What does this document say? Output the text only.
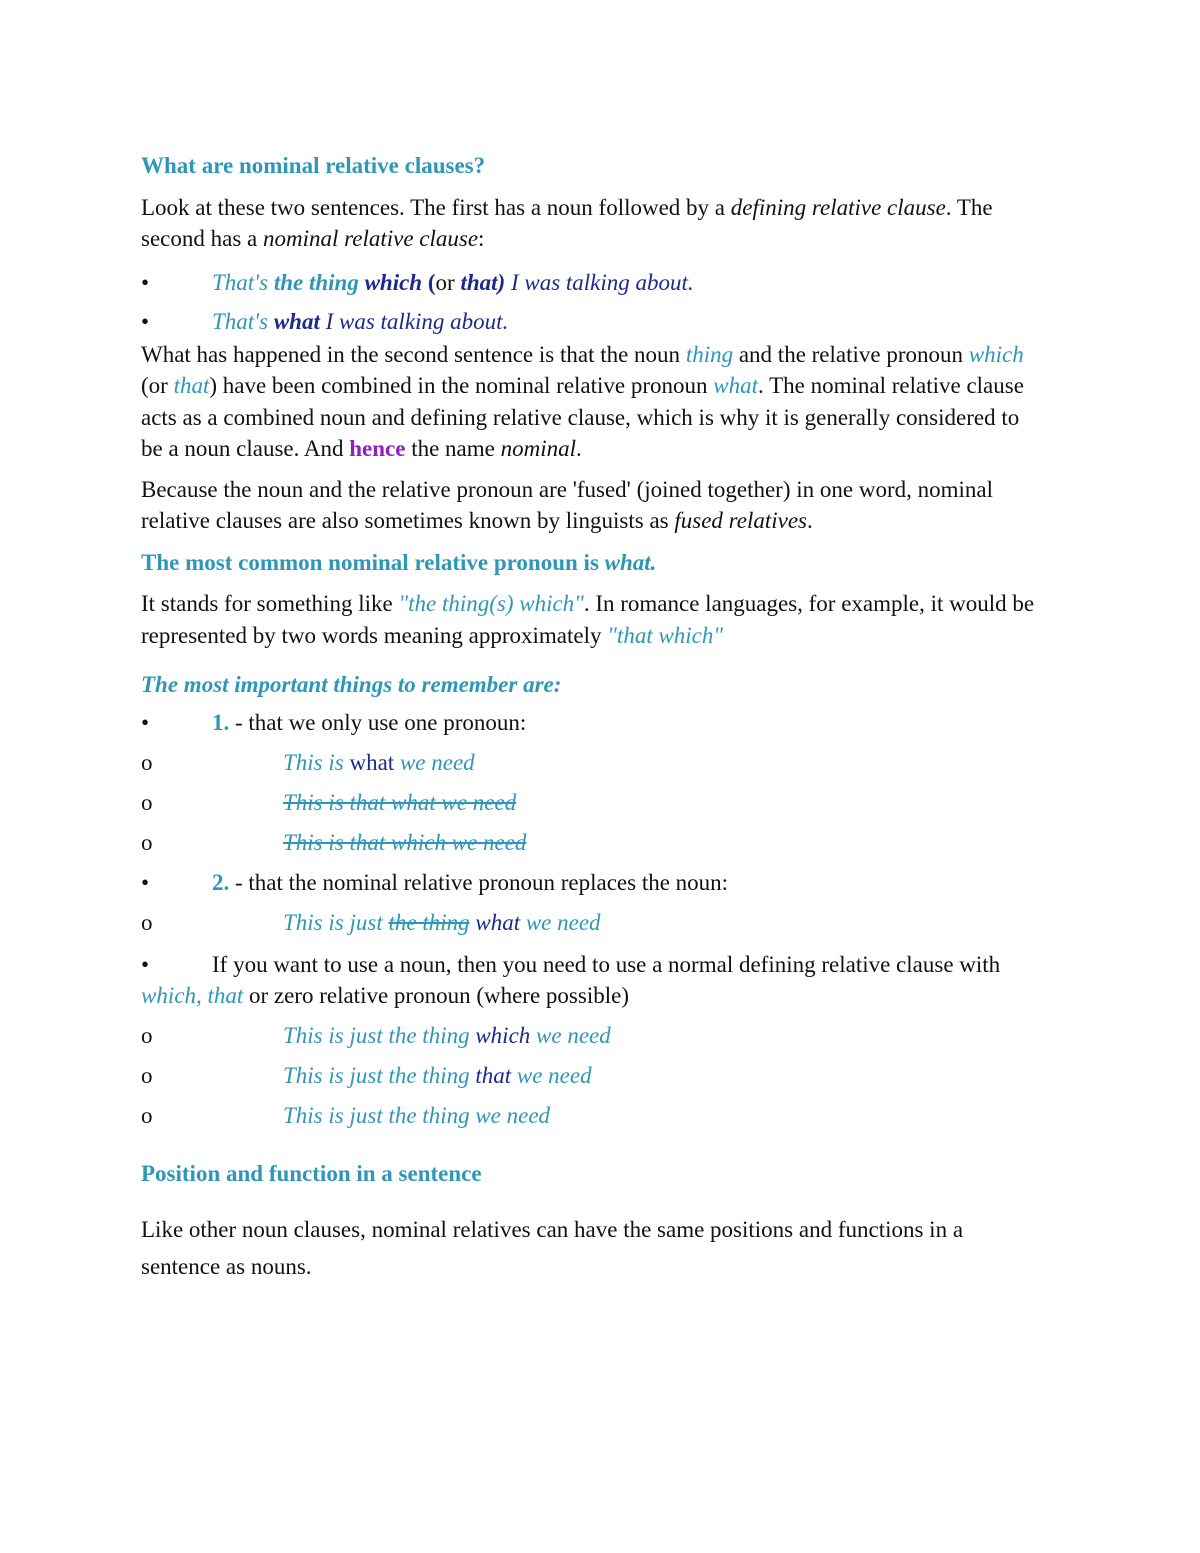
What are nominal relative clauses?

Look at these two sentences. The first has a noun followed by a defining relative clause. The second has a nominal relative clause:

•	That's the thing which (or that) I was talking about.
•	That's what I was talking about.

What has happened in the second sentence is that the noun thing and the relative pronoun which (or that) have been combined in the nominal relative pronoun what. The nominal relative clause acts as a combined noun and defining relative clause, which is why it is generally considered to be a noun clause. And hence the name nominal.

Because the noun and the relative pronoun are 'fused' (joined together) in one word, nominal relative clauses are also sometimes known by linguists as fused relatives.

The most common nominal relative pronoun is what.

It stands for something like "the thing(s) which". In romance languages, for example, it would be represented by two words meaning approximately "that which"

The most important things to remember are:
•	1. - that we only use one pronoun:
o	This is what we need
o	This is that what we need
o	This is that which we need
•	2. - that the nominal relative pronoun replaces the noun:
o	This is just the thing what we need
•	If you want to use a noun, then you need to use a normal defining relative clause with which, that or zero relative pronoun (where possible)

o	This is just the thing which we need
o	This is just the thing that we need
o	This is just the thing we need
Position and function in a sentence

Like other noun clauses, nominal relatives can have the same positions and functions in a sentence as nouns.
